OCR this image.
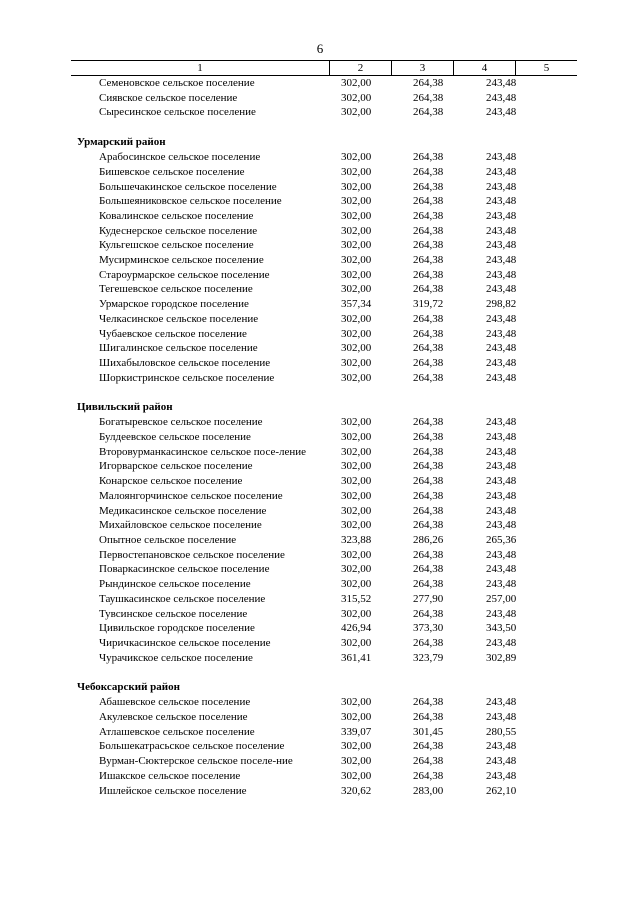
6
1	2	3	4	5
Семеновское сельское поселение	302,00	264,38	243,48	
Сиявское сельское поселение	302,00	264,38	243,48	
Сыресинское сельское поселение	302,00	264,38	243,48	

Урмарский район				
Арабосинское сельское поселение	302,00	264,38	243,48	
Бишевское сельское поселение	302,00	264,38	243,48	
Большечакинское сельское поселение	302,00	264,38	243,48	
Большеяниковское сельское поселение	302,00	264,38	243,48	
Ковалинское сельское поселение	302,00	264,38	243,48	
Кудеснерское сельское поселение	302,00	264,38	243,48	
Кульгешское сельское поселение	302,00	264,38	243,48	
Мусирминское сельское поселение	302,00	264,38	243,48	
Староурмарское сельское поселение	302,00	264,38	243,48	
Тегешевское сельское поселение	302,00	264,38	243,48	
Урмарское городское поселение	357,34	319,72	298,82	
Челкасинское сельское поселение	302,00	264,38	243,48	
Чубаевское сельское поселение	302,00	264,38	243,48	
Шигалинское сельское поселение	302,00	264,38	243,48	
Шихабыловское сельское поселение	302,00	264,38	243,48	
Шоркистринское сельское поселение	302,00	264,38	243,48	

Цивильский район				
Богатыревское сельское поселение	302,00	264,38	243,48	
Булдеевское сельское поселение	302,00	264,38	243,48	
Второвурманкасинское сельское посе-ление	302,00	264,38	243,48	
Игорварское сельское поселение	302,00	264,38	243,48	
Конарское сельское поселение	302,00	264,38	243,48	
Малоянгорчинское сельское поселение	302,00	264,38	243,48	
Медикасинское сельское поселение	302,00	264,38	243,48	
Михайловское сельское поселение	302,00	264,38	243,48	
Опытное сельское поселение	323,88	286,26	265,36	
Первостепановское сельское поселение	302,00	264,38	243,48	
Поваркасинское сельское поселение	302,00	264,38	243,48	
Рындинское сельское поселение	302,00	264,38	243,48	
Таушкасинское сельское поселение	315,52	277,90	257,00	
Тувсинское сельское поселение	302,00	264,38	243,48	
Цивильское городское поселение	426,94	373,30	343,50	
Чиричкасинское сельское поселение	302,00	264,38	243,48	
Чурачикское сельское поселение	361,41	323,79	302,89	

Чебоксарский район				
Абашевское сельское поселение	302,00	264,38	243,48	
Акулевское сельское поселение	302,00	264,38	243,48	
Атлашевское сельское поселение	339,07	301,45	280,55	
Большекатрасьское сельское поселение	302,00	264,38	243,48	
Вурман-Сюктерское сельское поселе-ние	302,00	264,38	243,48	
Ишакское сельское поселение	302,00	264,38	243,48	
Ишлейское сельское поселение	320,62	283,00	262,10	
